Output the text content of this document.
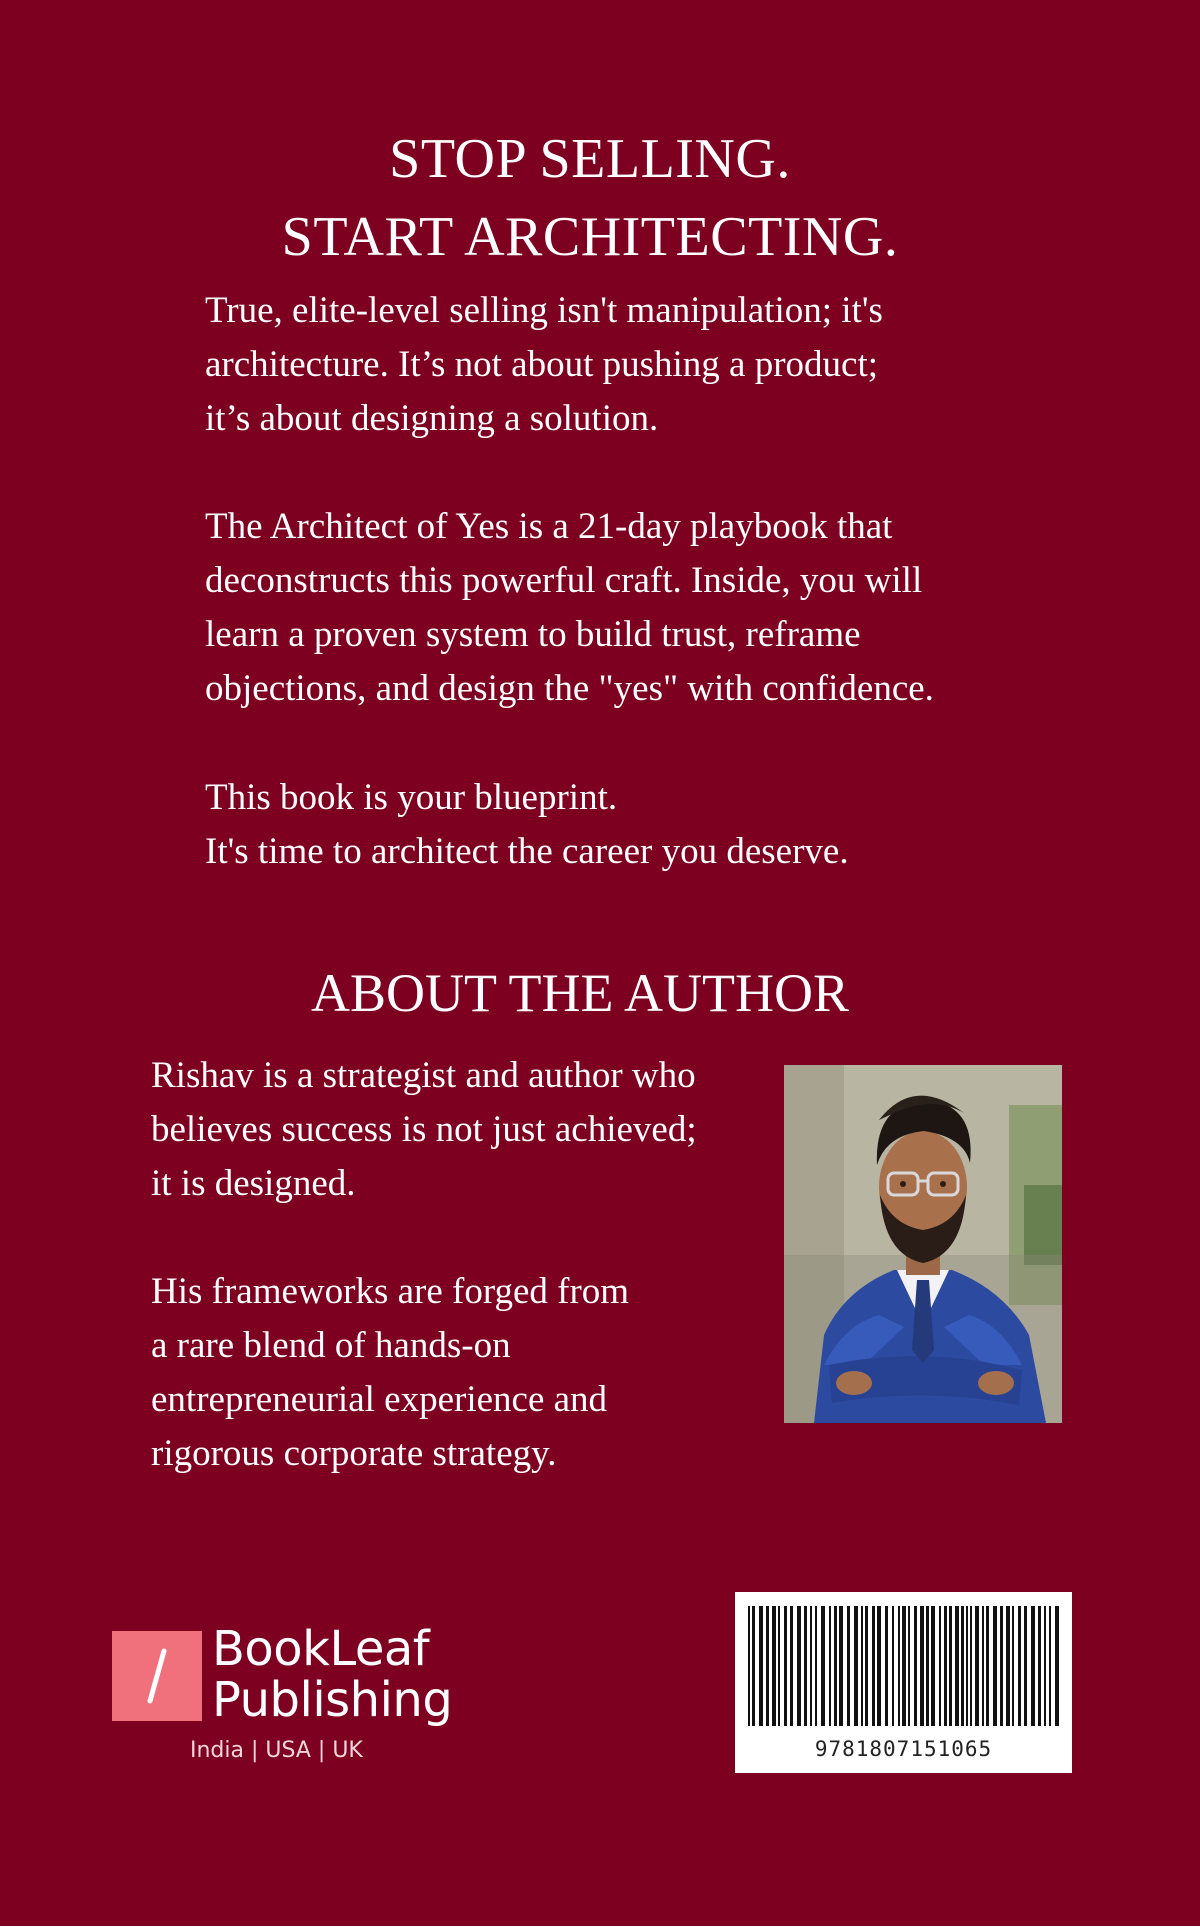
STOP SELLING.
START ARCHITECTING.

True, elite-level selling isn't manipulation; it's
architecture. It’s not about pushing a product;
it’s about designing a solution.

The Architect of Yes is a 21-day playbook that
deconstructs this powerful craft. Inside, you will
learn a proven system to build trust, reframe
objections, and design the "yes" with confidence.

This book is your blueprint.
It's time to architect the career you deserve.

ABOUT THE AUTHOR

Rishav is a strategist and author who
believes success is not just achieved;
it is designed.

His frameworks are forged from
a rare blend of hands-on
entrepreneurial experience and
rigorous corporate strategy.

BookLeaf
Publishing
India | USA | UK	9781807151065
